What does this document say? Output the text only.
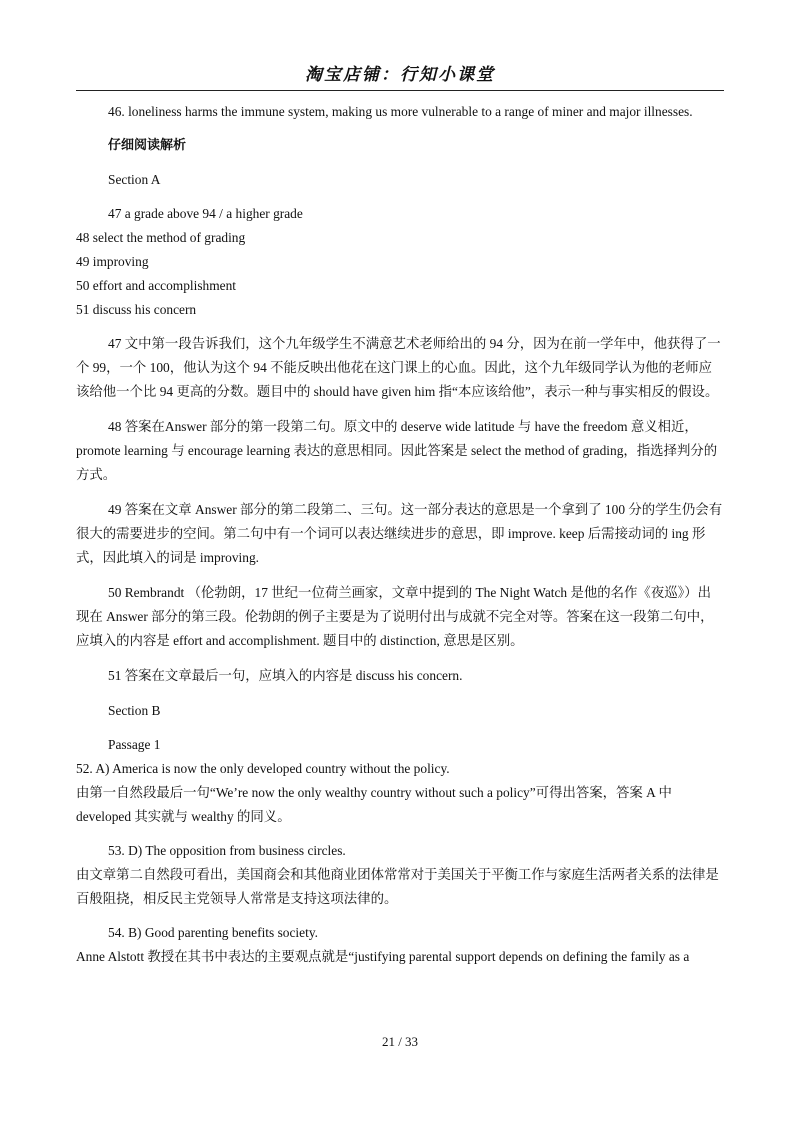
淘宝店铺：行知小课堂

46. loneliness harms the immune system, making us more vulnerable to a range of miner and major illnesses.

仔细阅读解析

Section A

47 a grade above 94 / a higher grade

48 select the method of grading

49 improving

50 effort and accomplishment

51 discuss his concern

47 文中第一段告诉我们，这个九年级学生不满意艺术老师给出的 94 分，因为在前一学年中，他获得了一个 99，一个 100，他认为这个 94 不能反映出他花在这门课上的心血。因此，这个九年级同学认为他的老师应该给他一个比 94 更高的分数。题目中的 should have given him 指“本应该给他”，表示一种与事实相反的假设。

48 答案在Answer 部分的第一段第二句。原文中的 deserve wide latitude 与 have the freedom 意义相近，promote learning 与 encourage learning 表达的意思相同。因此答案是 select the method of grading，指选择判分的方式。

49 答案在文章 Answer 部分的第二段第二、三句。这一部分表达的意思是一个拿到了 100 分的学生仍会有很大的需要进步的空间。第二句中有一个词可以表达继续进步的意思，即 improve. keep 后需接动词的 ing 形式，因此填入的词是 improving.

50 Rembrandt （伦勃朗，17 世纪一位荷兰画家，文章中提到的 The Night Watch 是他的名作《夜巡》）出现在 Answer 部分的第三段。伦勃朗的例子主要是为了说明付出与成就不完全对等。答案在这一段第二句中，应填入的内容是 effort and accomplishment. 题目中的 distinction, 意思是区别。

51 答案在文章最后一句，应填入的内容是 discuss his concern.

Section B

Passage 1

52. A) America is now the only developed country without the policy.

由第一自然段最后一句“We’re now the only wealthy country without such a policy”可得出答案，答案 A 中 developed 其实就与 wealthy 的同义。

53. D) The opposition from business circles.

由文章第二自然段可看出，美国商会和其他商业团体常常对于美国关于平衡工作与家庭生活两者关系的法律是百般阻挠，相反民主党领导人常常是支持这项法律的。

54. B) Good parenting benefits society.

Anne Alstott 教授在其书中表达的主要观点就是“justifying parental support depends on defining the family as a

21 / 33
